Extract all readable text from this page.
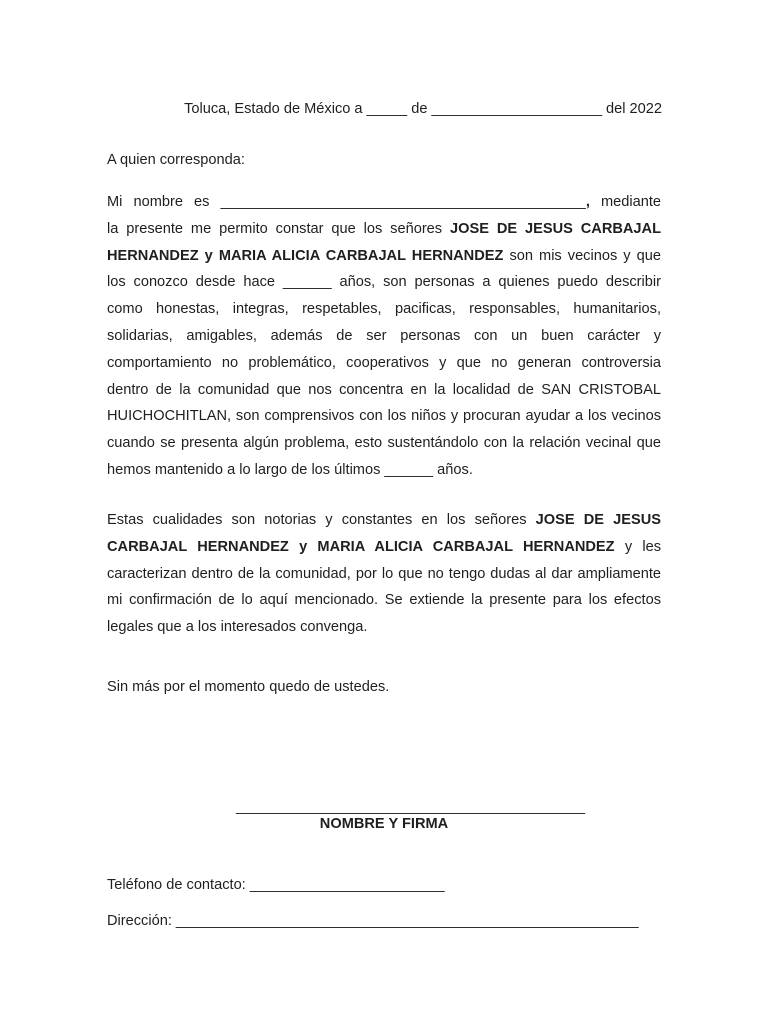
Toluca, Estado de México a _____ de _____________________ del 2022
A quien corresponda:
Mi nombre es _____________________________________________, mediante
la presente me permito constar que los señores JOSE DE JESUS CARBAJAL
HERNANDEZ y MARIA ALICIA CARBAJAL HERNANDEZ son mis vecinos y que
los conozco desde hace ______ años, son personas a quienes puedo describir
como honestas, integras, respetables, pacificas, responsables, humanitarios,
solidarias, amigables, además de ser personas con un buen carácter y
comportamiento no problemático, cooperativos y que no generan controversia
dentro de la comunidad que nos concentra en la localidad de SAN CRISTOBAL
HUICHOCHITLAN, son comprensivos con los niños y procuran ayudar a los vecinos
cuando se presenta algún problema, esto sustentándolo con la relación vecinal que
hemos mantenido a lo largo de los últimos ______ años.
Estas cualidades son notorias y constantes en los señores JOSE DE JESUS
CARBAJAL HERNANDEZ y MARIA ALICIA CARBAJAL HERNANDEZ y les
caracterizan dentro de la comunidad, por lo que no tengo dudas al dar ampliamente
mi confirmación de lo aquí mencionado. Se extiende la presente para los efectos
legales que a los interesados convenga.
Sin más por el momento quedo de ustedes.
___________________________________________
NOMBRE Y FIRMA
Teléfono de contacto: ________________________
Dirección: _________________________________________________________
